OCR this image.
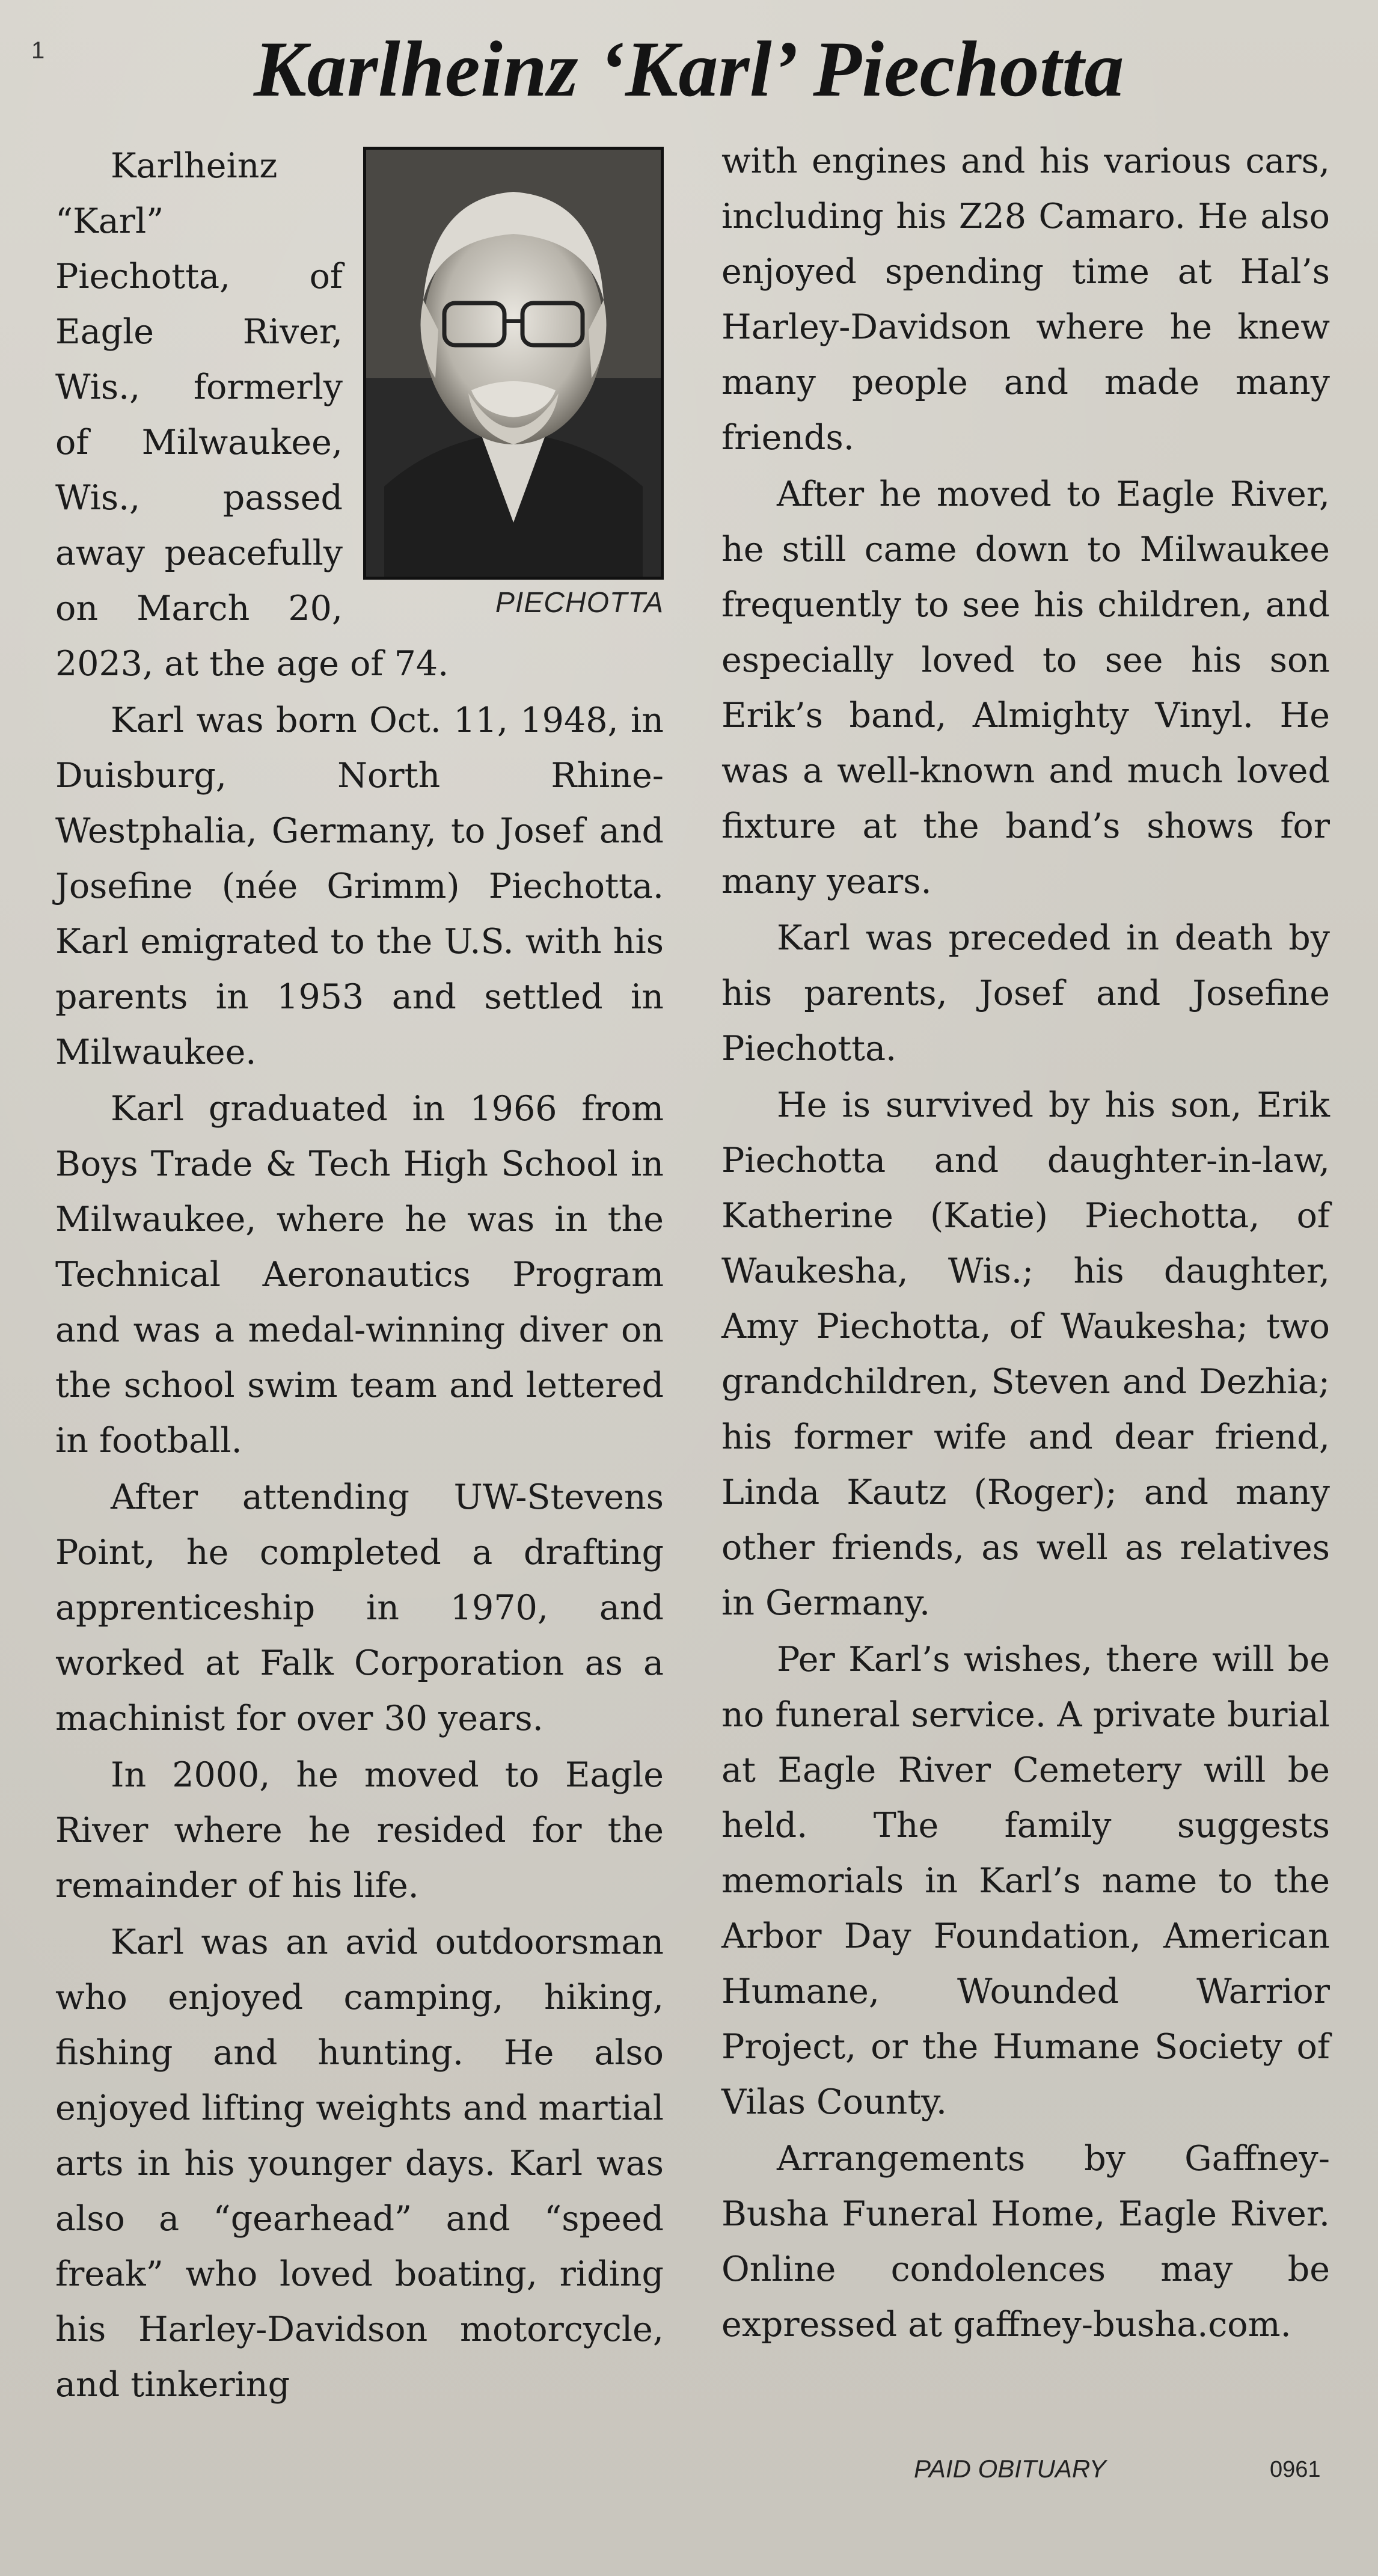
1	Karlheinz ‘Karl’ Piechotta
PIECHOTTA

Karlheinz “Karl” Piechotta, of Eagle River, Wis., formerly of Milwaukee, Wis., passed away peacefully on March 20, 2023, at the age of 74.

Karl was born Oct. 11, 1948, in Duisburg, North Rhine-Westphalia, Germany, to Josef and Josefine (née Grimm) Piechotta. Karl emigrated to the U.S. with his parents in 1953 and settled in Milwaukee.

Karl graduated in 1966 from Boys Trade & Tech High School in Milwaukee, where he was in the Technical Aeronautics Program and was a medal-winning diver on the school swim team and lettered in football.

After attending UW-Stevens Point, he completed a drafting apprenticeship in 1970, and worked at Falk Corporation as a machinist for over 30 years.

In 2000, he moved to Eagle River where he resided for the remainder of his life.

Karl was an avid outdoorsman who enjoyed camping, hiking, fishing and hunting. He also enjoyed lifting weights and martial arts in his younger days. Karl was also a “gearhead” and “speed freak” who loved boating, riding his Harley-Davidson motorcycle, and tinkering

with engines and his various cars, including his Z28 Camaro. He also enjoyed spending time at Hal’s Harley-Davidson where he knew many people and made many friends.

After he moved to Eagle River, he still came down to Milwaukee frequently to see his children, and especially loved to see his son Erik’s band, Almighty Vinyl. He was a well-known and much loved fixture at the band’s shows for many years.

Karl was preceded in death by his parents, Josef and Josefine Piechotta.

He is survived by his son, Erik Piechotta and daughter-in-law, Katherine (Katie) Piechotta, of Waukesha, Wis.; his daughter, Amy Piechotta, of Waukesha; two grandchildren, Steven and Dezhia; his former wife and dear friend, Linda Kautz (Roger); and many other friends, as well as relatives in Germany.

Per Karl’s wishes, there will be no funeral service. A private burial at Eagle River Cemetery will be held. The family suggests memorials in Karl’s name to the Arbor Day Foundation, American Humane, Wounded Warrior Project, or the Humane Society of Vilas County.

Arrangements by Gaffney-Busha Funeral Home, Eagle River. Online condolences may be expressed at gaffney-busha.com.

PAID OBITUARY	0961
